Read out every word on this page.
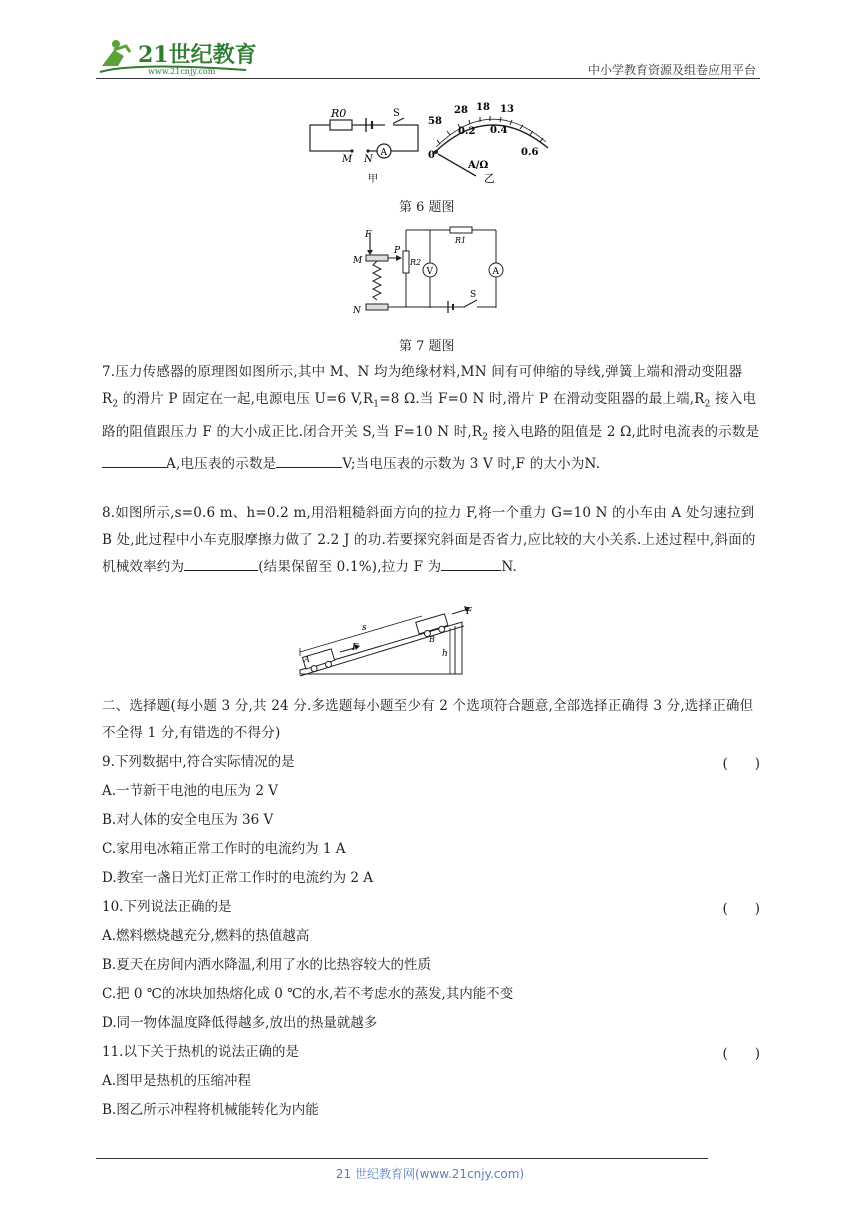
21世纪教育
www.21cnjy.com	中小学教育资源及组卷应用平台
A
R0	S
M N
甲
58
28 18 13
0
0.2 0.4
0.6
A/Ω
乙
第 6 题图
A
V
F
M
N
P
R1
R2
S
第 7 题图
7.压力传感器的原理图如图所示,其中 M、N 均为绝缘材料,MN 间有可伸缩的导线,弹簧上端和滑动变阻器 $R_2$ 的滑片 P 固定在一起,电源电压 U=6 $V,R_1=8$ Ω.当 F=0 N 时,滑片 P 在滑动变阻器的最上端$,R_2$ 接入电路的阻值跟压力 F 的大小成正比.闭合开关 S,当 F=10 N 时$,R_2$ 接入电路的阻值是 2 Ω,此时电流表的示数是A,电压表的示数是	V;当电压表的示数为 3 V 时,F 的大小为N.
8.如图所示,s=0.6 m、h=0.2 m,用沿粗糙斜面方向的拉力 F,将一个重力 G=10 N 的小车由 A 处匀速拉到 B 处,此过程中小车克服摩擦力做了 2.2 J 的功.若要探究斜面是否省力,应比较的大小关系.上述过程中,斜面的机械效率约为	(结果保留至 0.1%),拉力 F 为	N.
s
F
F
h
A
B
二、选择题(每小题 3 分,共 24 分.多选题每小题至少有 2 个选项符合题意,全部选择正确得 3 分,选择正确但不全得 1 分,有错选的不得分)
9.下列数据中,符合实际情况的是	(　　)
A.一节新干电池的电压为 2 V
B.对人体的安全电压为 36 V
C.家用电冰箱正常工作时的电流约为 1 A
D.教室一盏日光灯正常工作时的电流约为 2 A
10.下列说法正确的是	(　　)
A.燃料燃烧越充分,燃料的热值越高
B.夏天在房间内洒水降温,利用了水的比热容较大的性质
C.把 0 ℃的冰块加热熔化成 0 ℃的水,若不考虑水的蒸发,其内能不变
D.同一物体温度降低得越多,放出的热量就越多
11.以下关于热机的说法正确的是	(　　)
A.图甲是热机的压缩冲程
B.图乙所示冲程将机械能转化为内能
21 世纪教育网(www.21cnjy.com)
